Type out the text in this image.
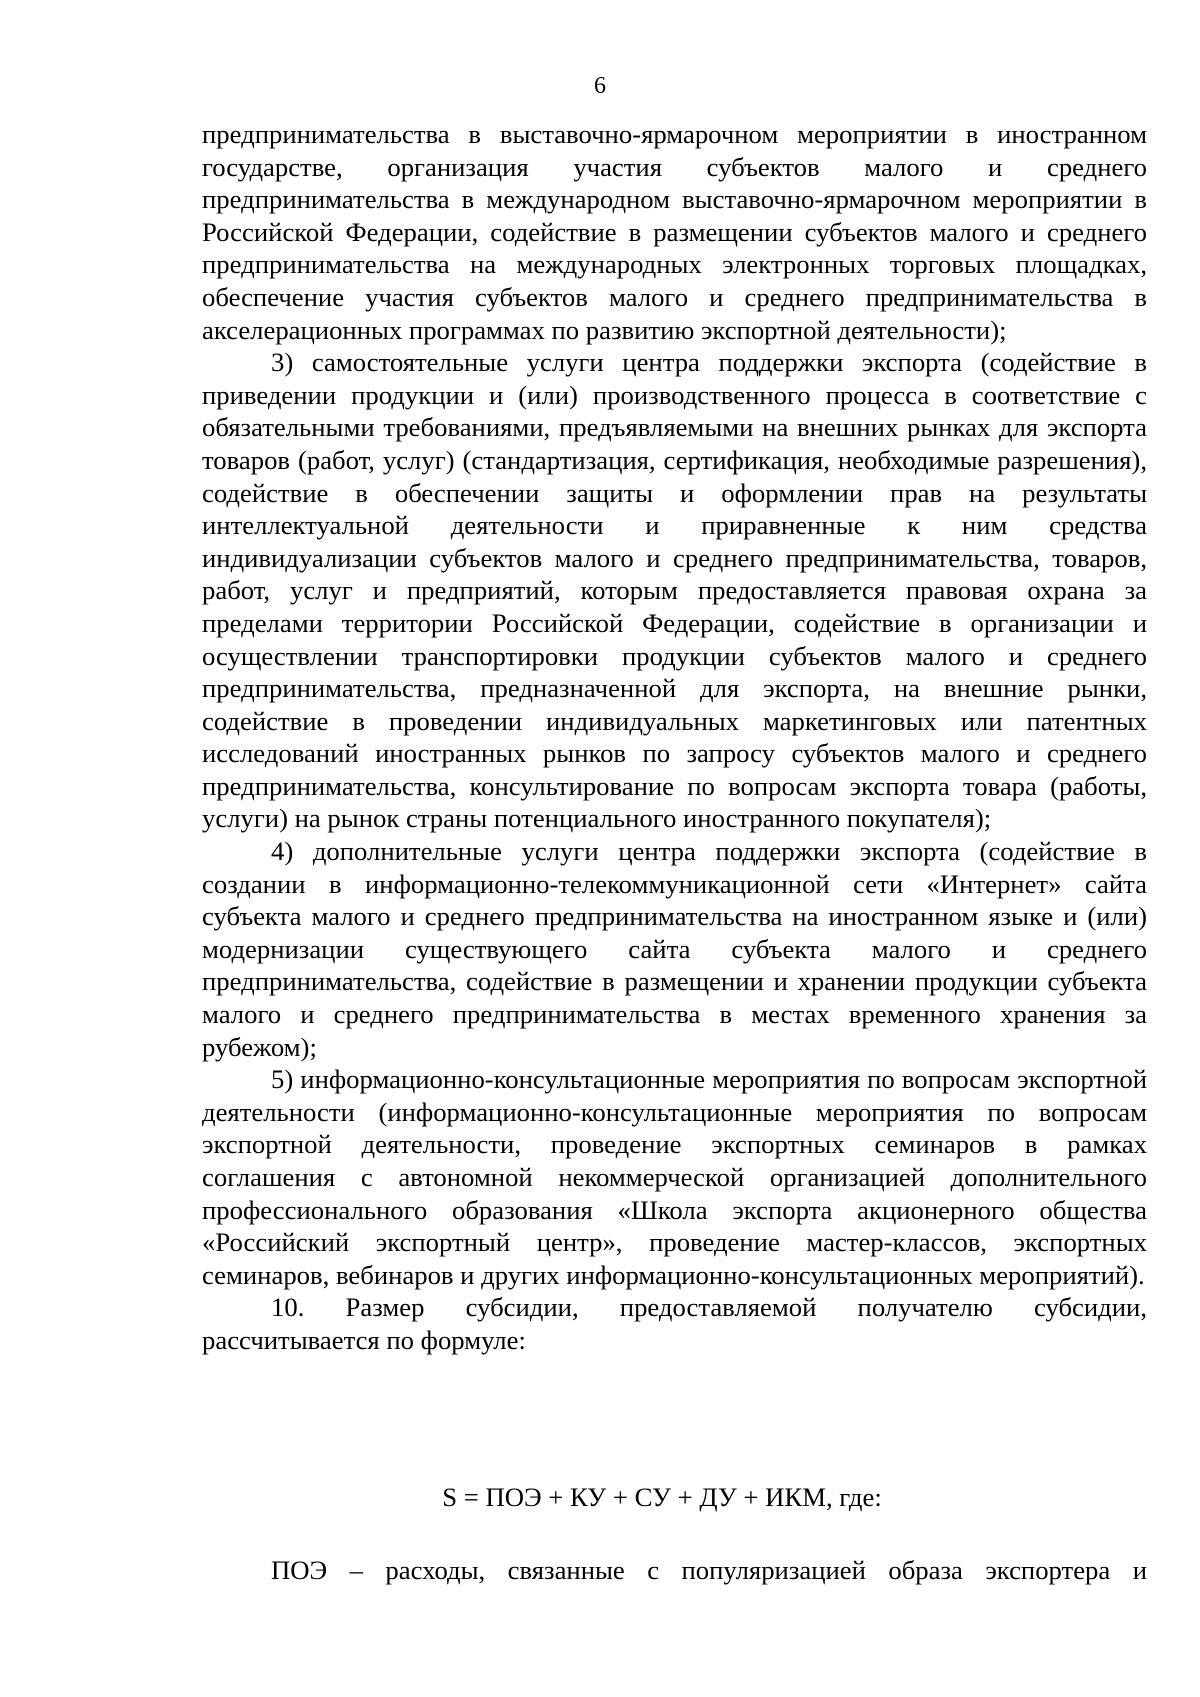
6

предпринимательства в выставочно-ярмарочном мероприятии в иностранном государстве, организация участия субъектов малого и среднего предпринимательства в международном выставочно-ярмарочном мероприятии в Российской Федерации, содействие в размещении субъектов малого и среднего предпринимательства на международных электронных торговых площадках, обеспечение участия субъектов малого и среднего предпринимательства в акселерационных программах по развитию экспортной деятельности);

3) самостоятельные услуги центра поддержки экспорта (содействие в приведении продукции и (или) производственного процесса в соответствие с обязательными требованиями, предъявляемыми на внешних рынках для экспорта товаров (работ, услуг) (стандартизация, сертификация, необходимые разрешения), содействие в обеспечении защиты и оформлении прав на результаты интеллектуальной деятельности и приравненные к ним средства индивидуализации субъектов малого и среднего предпринимательства, товаров, работ, услуг и предприятий, которым предоставляется правовая охрана за пределами территории Российской Федерации, содействие в организации и осуществлении транспортировки продукции субъектов малого и среднего предпринимательства, предназначенной для экспорта, на внешние рынки, содействие в проведении индивидуальных маркетинговых или патентных исследований иностранных рынков по запросу субъектов малого и среднего предпринимательства, консультирование по вопросам экспорта товара (работы, услуги) на рынок страны потенциального иностранного покупателя);

4) дополнительные услуги центра поддержки экспорта (содействие в создании в информационно-телекоммуникационной сети «Интернет» сайта субъекта малого и среднего предпринимательства на иностранном языке и (или) модернизации существующего сайта субъекта малого и среднего предпринимательства, содействие в размещении и хранении продукции субъекта малого и среднего предпринимательства в местах временного хранения за рубежом);

5) информационно-консультационные мероприятия по вопросам экспортной деятельности (информационно-консультационные мероприятия по вопросам экспортной деятельности, проведение экспортных семинаров в рамках соглашения с автономной некоммерческой организацией дополнительного профессионального образования «Школа экспорта акционерного общества «Российский экспортный центр», проведение мастер-классов, экспортных семинаров, вебинаров и других информационно-консультационных мероприятий).

10. Размер субсидии, предоставляемой получателю субсидии, рассчитывается по формуле:

S = ПОЭ + КУ + СУ + ДУ + ИКМ, где:

ПОЭ – расходы, связанные с популяризацией образа экспортера и
